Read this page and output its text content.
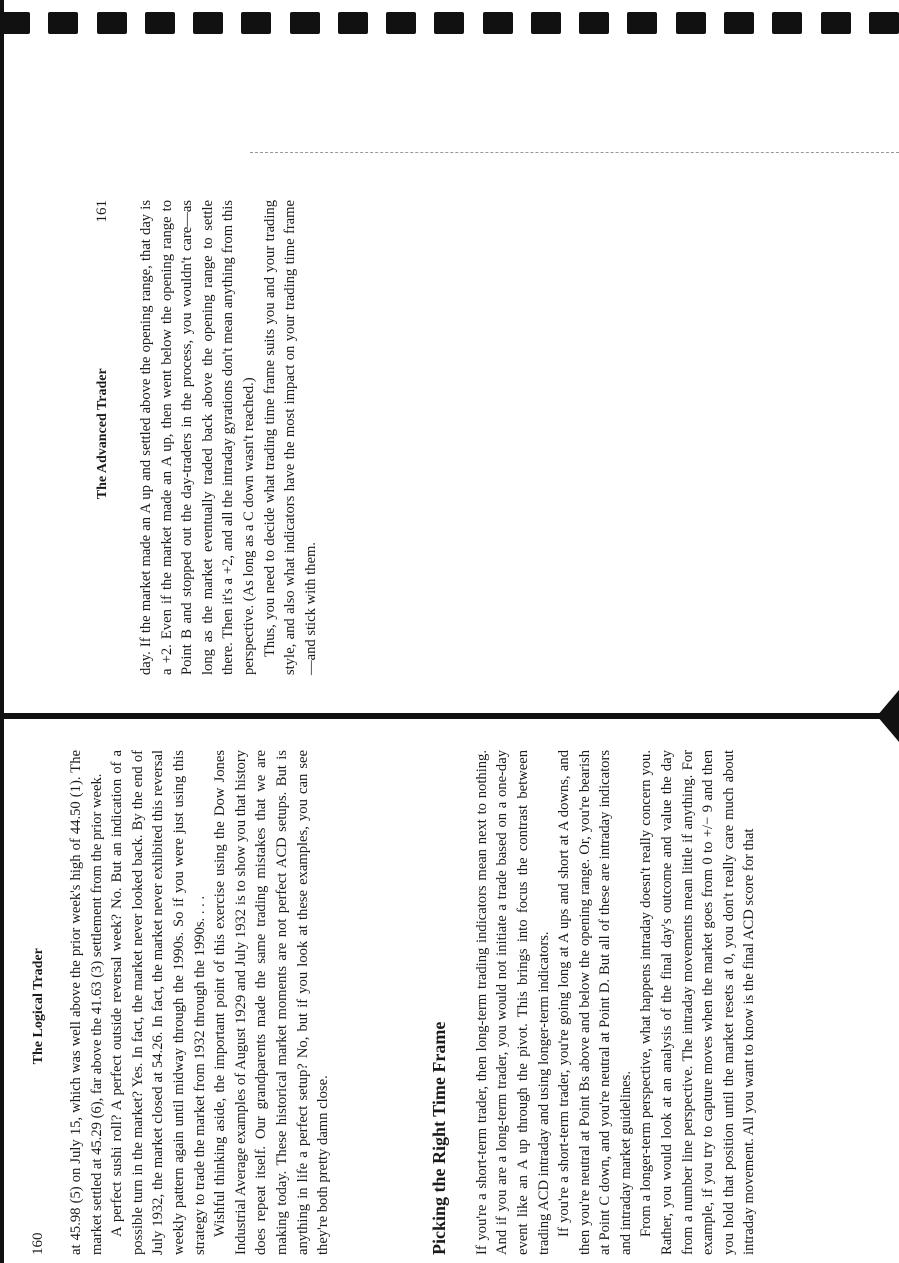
160
The Logical Trader at 45.98 (5) on July 15, which was well above the prior week's high of 44.50 (1). The market settled at 45.29 (6), far above the 41.63 (3) settlement from the prior week. A perfect sushi roll? A perfect outside reversal week? No. But an indication of a possible turn in the market? Yes. In fact, the market never looked back. By the end of July 1932, the market closed at 54.26. In fact, the market never exhibited this reversal weekly pattern again until midway through the 1990s. So if you were just using this strategy to trade the market from 1932 through the 1990s. . . . Wishful thinking aside, the important point of this exercise using the Dow Jones Industrial Average examples of August 1929 and July 1932 is to show you that history does repeat itself. Our grandparents made the same trading mistakes that we are making today. These historical market moments are not perfect ACD setups. But is anything in life a perfect setup? No, but if you look at these examples, you can see they're both pretty damn close.	Picking the Right Time Frame If you're a short-term trader, then long-term trading indicators mean next to nothing. And if you are a long-term trader, you would not initiate a trade based on a one-day event like an A up through the pivot. This brings into focus the contrast between trading ACD intraday and using longer-term indicators. If you're a short-term trader, you're going long at A ups and short at A downs, and then you're neutral at Point Bs above and below the opening range. Or, you're bearish at Point C down, and you're neutral at Point D. But all of these are intraday indicators and intraday market guidelines. From a longer-term perspective, what happens intraday doesn't really concern you. Rather, you would look at an analysis of the final day's outcome and value the day from a number line perspective. The intraday movements mean little if anything. For example, if you try to capture moves when the market goes from 0 to +/− 9 and then you hold that position until the market resets at 0, you don't really care much about intraday movement. All you want to know is the final ACD score for that

The Advanced Trader
161 day. If the market made an A up and settled above the opening range, that day is a +2. Even if the market made an A up, then went below the opening range to Point B and stopped out the day-traders in the process, you wouldn't care—as long as the market eventually traded back above the opening range to settle there. Then it's a +2, and all the intraday gyrations don't mean anything from this perspective. (As long as a C down wasn't reached.) Thus, you need to decide what trading time frame suits you and your trading style, and also what indicators have the most impact on your trading time frame—and stick with them.
